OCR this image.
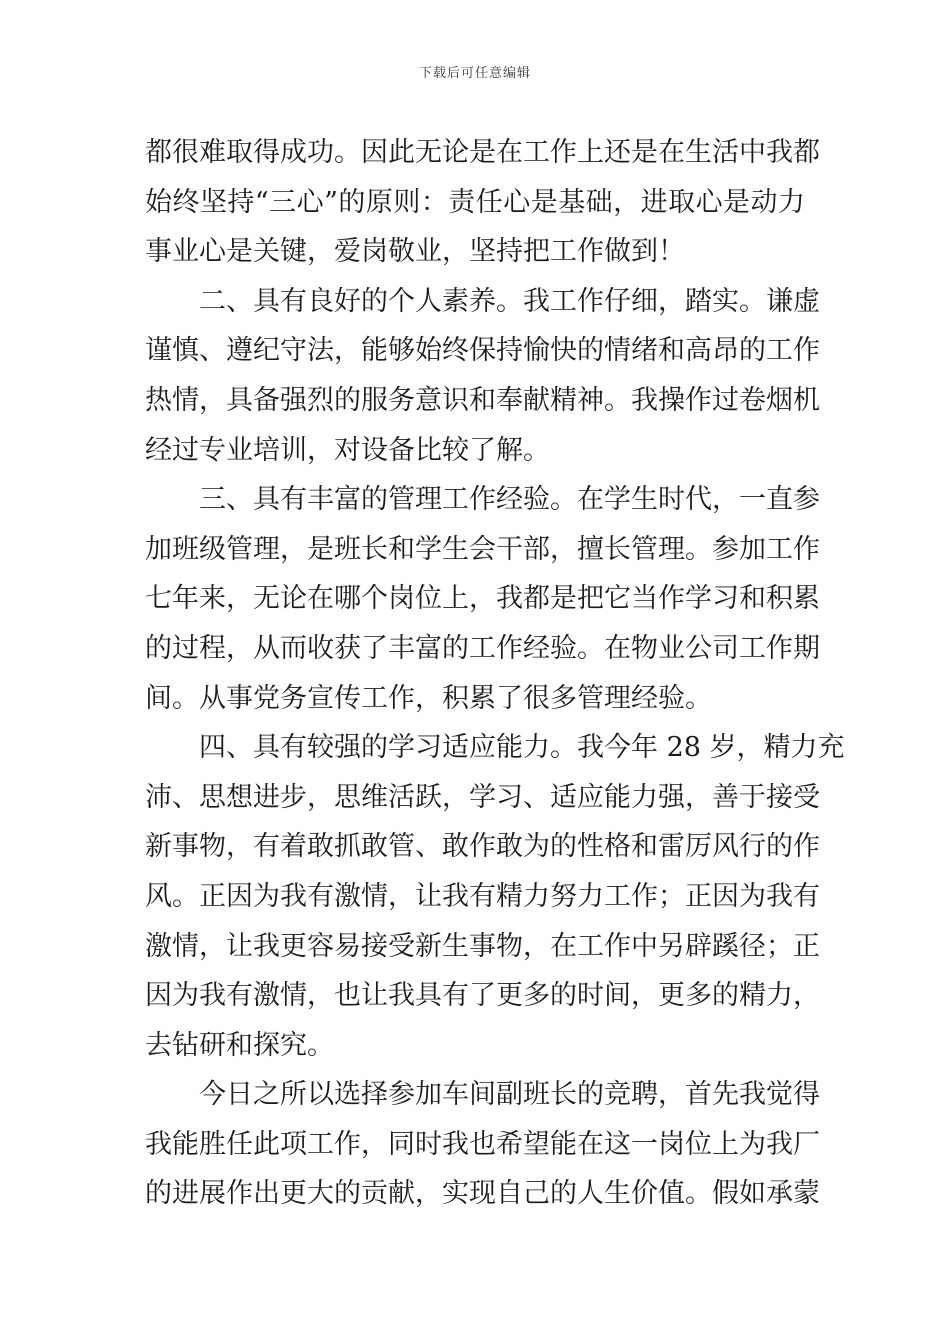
下载后可任意编辑
都很难取得成功。因此无论是在工作上还是在生活中我都
始终坚持“三心”的原则：责任心是基础，进取心是动力
事业心是关键，爱岗敬业，坚持把工作做到！
二、具有良好的个人素养。我工作仔细，踏实。谦虚
谨慎、遵纪守法，能够始终保持愉快的情绪和高昂的工作
热情，具备强烈的服务意识和奉献精神。我操作过卷烟机
经过专业培训，对设备比较了解。
三、具有丰富的管理工作经验。在学生时代，一直参
加班级管理，是班长和学生会干部，擅长管理。参加工作
七年来，无论在哪个岗位上，我都是把它当作学习和积累
的过程，从而收获了丰富的工作经验。在物业公司工作期
间。从事党务宣传工作，积累了很多管理经验。
四、具有较强的学习适应能力。我今年 28 岁，精力充
沛、思想进步，思维活跃，学习、适应能力强，善于接受
新事物，有着敢抓敢管、敢作敢为的性格和雷厉风行的作
风。正因为我有激情，让我有精力努力工作；正因为我有
激情，让我更容易接受新生事物，在工作中另辟蹊径；正
因为我有激情，也让我具有了更多的时间，更多的精力，
去钻研和探究。
今日之所以选择参加车间副班长的竞聘，首先我觉得
我能胜任此项工作，同时我也希望能在这一岗位上为我厂
的进展作出更大的贡献，实现自己的人生价值。假如承蒙
